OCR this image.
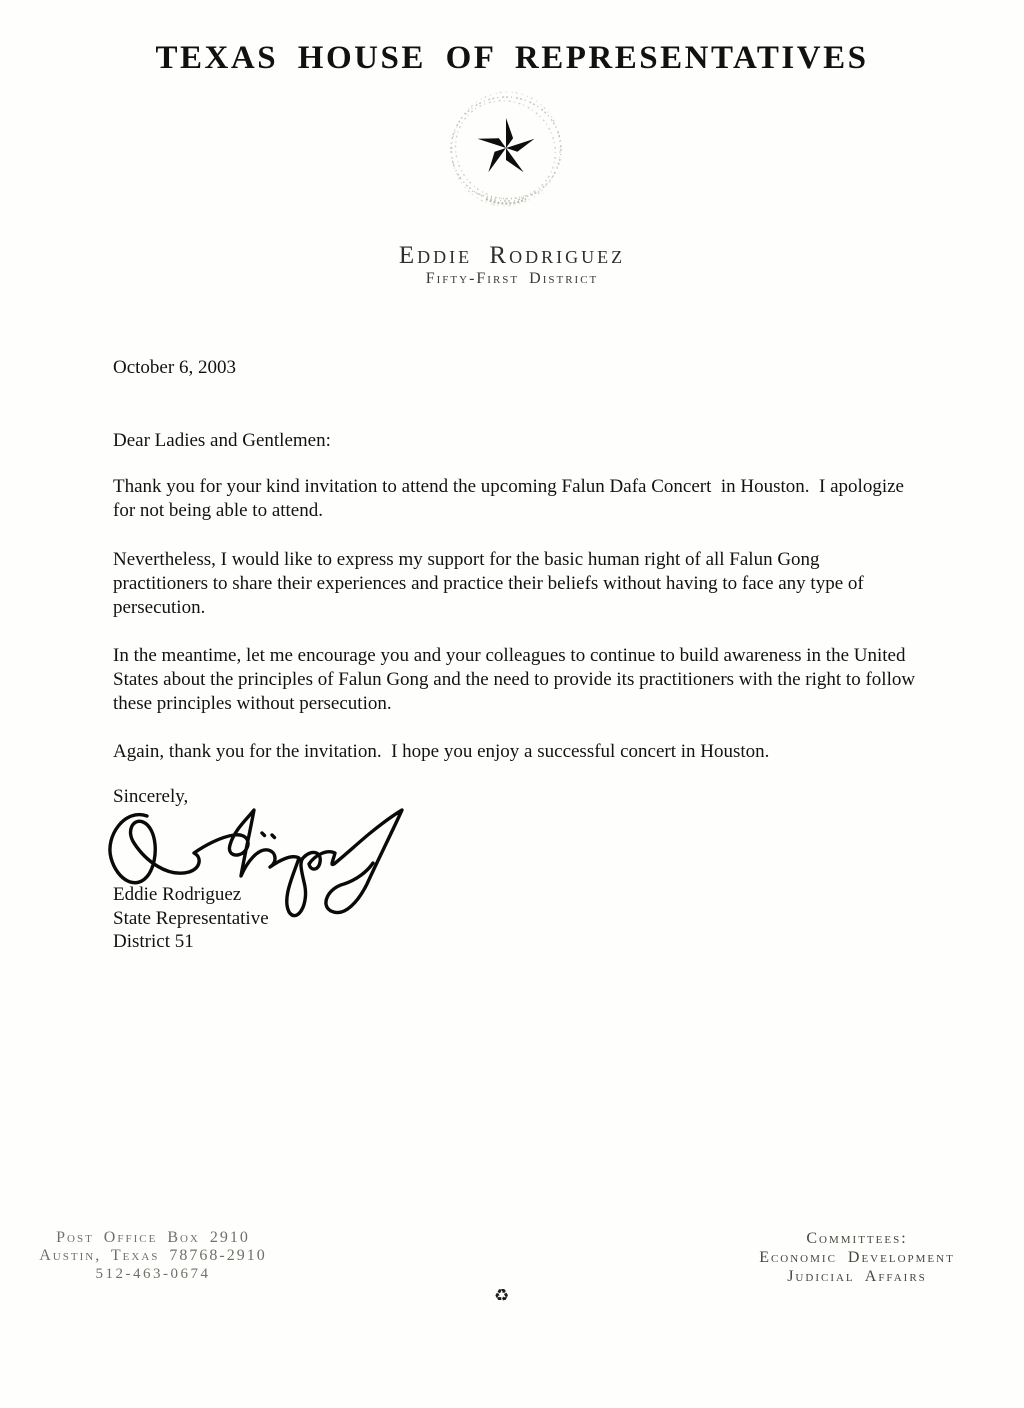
TEXAS HOUSE OF REPRESENTATIVES
Eddie Rodriguez
Fifty-First District
October 6, 2003
Dear Ladies and Gentlemen:

Thank you for your kind invitation to attend the upcoming Falun Dafa Concert  in Houston.  I apologize for not being able to attend.

Nevertheless, I would like to express my support for the basic human right of all Falun Gong practitioners to share their experiences and practice their beliefs without having to face any type of persecution.

In the meantime, let me encourage you and your colleagues to continue to build awareness in the United States about the principles of Falun Gong and the need to provide its practitioners with the right to follow these principles without persecution.

Again, thank you for the invitation.  I hope you enjoy a successful concert in Houston.

Sincerely,
Eddie Rodriguez
State Representative
District 51
Post Office Box 2910
Austin, Texas 78768-2910
512-463-0674
Committees:
Economic Development
Judicial Affairs
♻
